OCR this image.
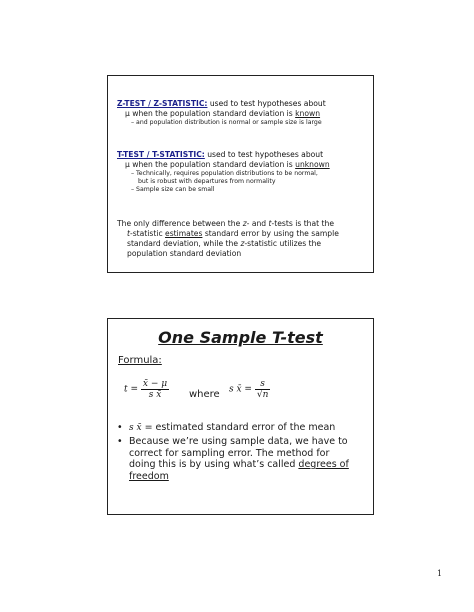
Z-TEST / Z-STATISTIC: used to test hypotheses about
μ when the population standard deviation is known
– and population distribution is normal or sample size is large
T-TEST / T-STATISTIC: used to test hypotheses about
μ when the population standard deviation is unknown
– Technically, requires population distributions to be normal,
but is robust with departures from normality
– Sample size can be small
The only difference between the z- and t-tests is that the
t-statistic estimates standard error by using the sample
standard deviation, while the z-statistic utilizes the
population standard deviation
One Sample T-test
Formula:
$t = \frac{x̄ - \mu}{\text{s x̄}}$ where s x̄ = $\frac{s}{√n}$
• s x̄ = estimated standard error of the mean
• Because we’re using sample data, we have to
correct for sampling error. The method for
doing this is by using what’s called degrees of
freedom
1
